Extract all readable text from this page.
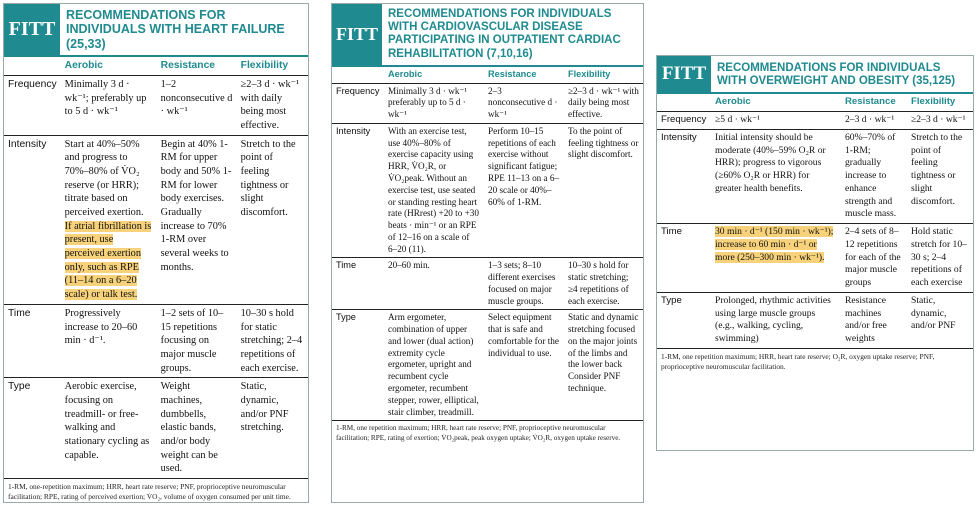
FITT
RECOMMENDATIONS FOR INDIVIDUALS WITH HEART FAILURE (25,33)
	Aerobic	Resistance	Flexibility
Frequency	Minimally 3 d · wk⁻¹; preferably up to 5 d · wk⁻¹	1–2 nonconsecutive d · wk⁻¹	≥2–3 d · wk⁻¹ with daily being most effective.
Intensity	Start at 40%–50% and progress to 70%–80% of V̇O₂ reserve (or HRR); titrate based on perceived exertion. If atrial fibrillation is present, use perceived exertion only, such as RPE (11–14 on a 6–20 scale) or talk test.	Begin at 40% 1-RM for upper body and 50% 1-RM for lower body exercises. Gradually increase to 70% 1-RM over several weeks to months.	Stretch to the point of feeling tightness or slight discomfort.
Time	Progressively increase to 20–60 min · d⁻¹.	1–2 sets of 10–15 repetitions focusing on major muscle groups.	10–30 s hold for static stretching; 2–4 repetitions of each exercise.
Type	Aerobic exercise, focusing on treadmill- or free-walking and stationary cycling as capable.	Weight machines, dumbbells, elastic bands, and/or body weight can be used.	Static, dynamic, and/or PNF stretching.
1-RM, one-repetition maximum; HRR, heart rate reserve; PNF, proprioceptive neuromuscular facilitation; RPE, rating of perceived exertion; V̇O₂, volume of oxygen consumed per unit time.
FITT
RECOMMENDATIONS FOR INDIVIDUALS WITH CARDIOVASCULAR DISEASE PARTICIPATING IN OUTPATIENT CARDIAC REHABILITATION (7,10,16)
	Aerobic	Resistance	Flexibility
Frequency	Minimally 3 d · wk⁻¹ preferably up to 5 d · wk⁻¹	2–3 nonconsecutive d · wk⁻¹	≥2–3 d · wk⁻¹ with daily being most effective.
Intensity	With an exercise test, use 40%–80% of exercise capacity using HRR, V̇O₂R, or V̇O₂peak. Without an exercise test, use seated or standing resting heart rate (HRrest) +20 to +30 beats · min⁻¹ or an RPE of 12–16 on a scale of 6–20 (11).	Perform 10–15 repetitions of each exercise without significant fatigue; RPE 11–13 on a 6–20 scale or 40%–60% of 1-RM.	To the point of feeling tightness or slight discomfort.
Time	20–60 min.	1–3 sets; 8–10 different exercises focused on major muscle groups.	10–30 s hold for static stretching; ≥4 repetitions of each exercise.
Type	Arm ergometer, combination of upper and lower (dual action) extremity cycle ergometer, upright and recumbent cycle ergometer, recumbent stepper, rower, elliptical, stair climber, treadmill.	Select equipment that is safe and comfortable for the individual to use.	Static and dynamic stretching focused on the major joints of the limbs and the lower back Consider PNF technique.
1-RM, one repetition maximum; HRR, heart rate reserve; PNF, proprioceptive neuromuscular facilitation; RPE, rating of exertion; V̇O₂peak, peak oxygen uptake; V̇O₂R, oxygen uptake reserve.
FITT RECOMMENDATIONS FOR INDIVIDUALS WITH OVERWEIGHT AND OBESITY (35,125)
	Aerobic	Resistance	Flexibility
Frequency	≥5 d · wk⁻¹	2–3 d · wk⁻¹	≥2–3 d · wk⁻¹
Intensity	Initial intensity should be moderate (40%–59% O₂R or HRR); progress to vigorous (≥60% O₂R or HRR) for greater health benefits.	60%–70% of 1-RM; gradually increase to enhance strength and muscle mass.	Stretch to the point of feeling tightness or slight discomfort.
Time	30 min · d⁻¹ (150 min · wk⁻¹); increase to 60 min · d⁻¹ or more (250–300 min · wk⁻¹).	2–4 sets of 8–12 repetitions for each of the major muscle groups	Hold static stretch for 10–30 s; 2–4 repetitions of each exercise
Type	Prolonged, rhythmic activities using large muscle groups (e.g., walking, cycling, swimming)	Resistance machines and/or free weights	Static, dynamic, and/or PNF
1-RM, one repetition maximum; HRR, heart rate reserve; O₂R, oxygen uptake reserve; PNF, proprioceptive neuromuscular facilitation.
